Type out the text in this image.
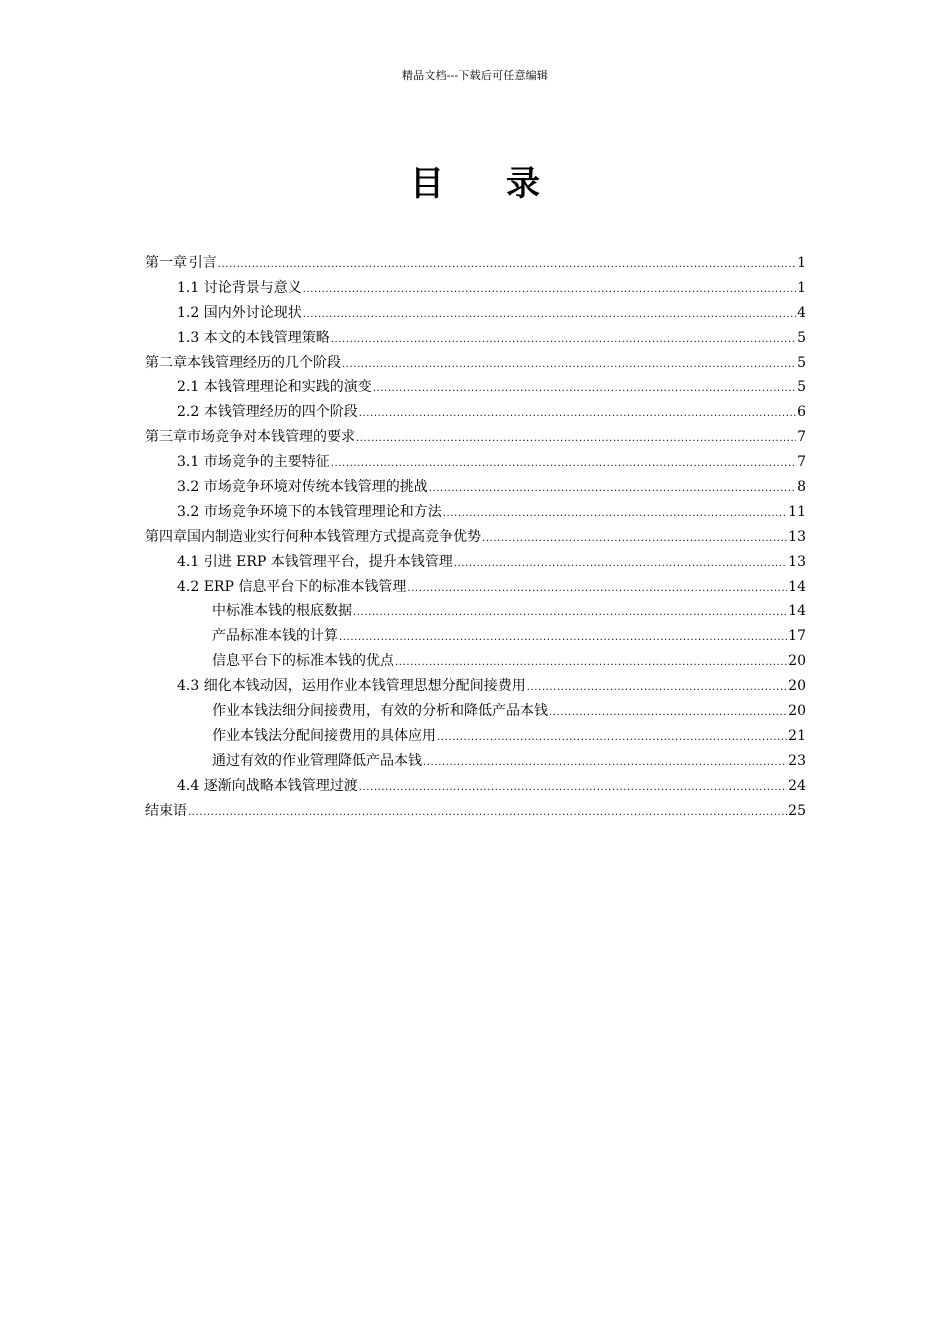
精品文档---下载后可任意编辑
目 录
第一章 引言 .....	1
1.1 讨论背景与意义 .....	1
1.2 国内外讨论现状 .....	4
1.3 本文的本钱管理策略 .....	5
第二章 本钱管理经历的几个阶段 .....	5
2.1 本钱管理理论和实践的演变 .....	5
2.2 本钱管理经历的四个阶段 .....	6
第三章 市场竞争对本钱管理的要求 .....	7
3.1 市场竞争的主要特征 .....	7
3.2 市场竞争环境对传统本钱管理的挑战 .....	8
3.2 市场竞争环境下的本钱管理理论和方法 .....	11
第四章 国内制造业实行何种本钱管理方式提高竞争优势 .....	13
4.1 引进 ERP 本钱管理平台，提升本钱管理 .....	13
4.2 ERP 信息平台下的标准本钱管理 .....	14
中标准本钱的根底数据 .....	14
产品标准本钱的计算 .....	17
信息平台下的标准本钱的优点 .....	20
4.3 细化本钱动因，运用作业本钱管理思想分配间接费用 .....	20
作业本钱法细分间接费用，有效的分析和降低产品本钱 .....	20
作业本钱法分配间接费用的具体应用 .....	21
通过有效的作业管理降低产品本钱 .....	23
4.4 逐渐向战略本钱管理过渡 .....	24
结束语 .....	25
